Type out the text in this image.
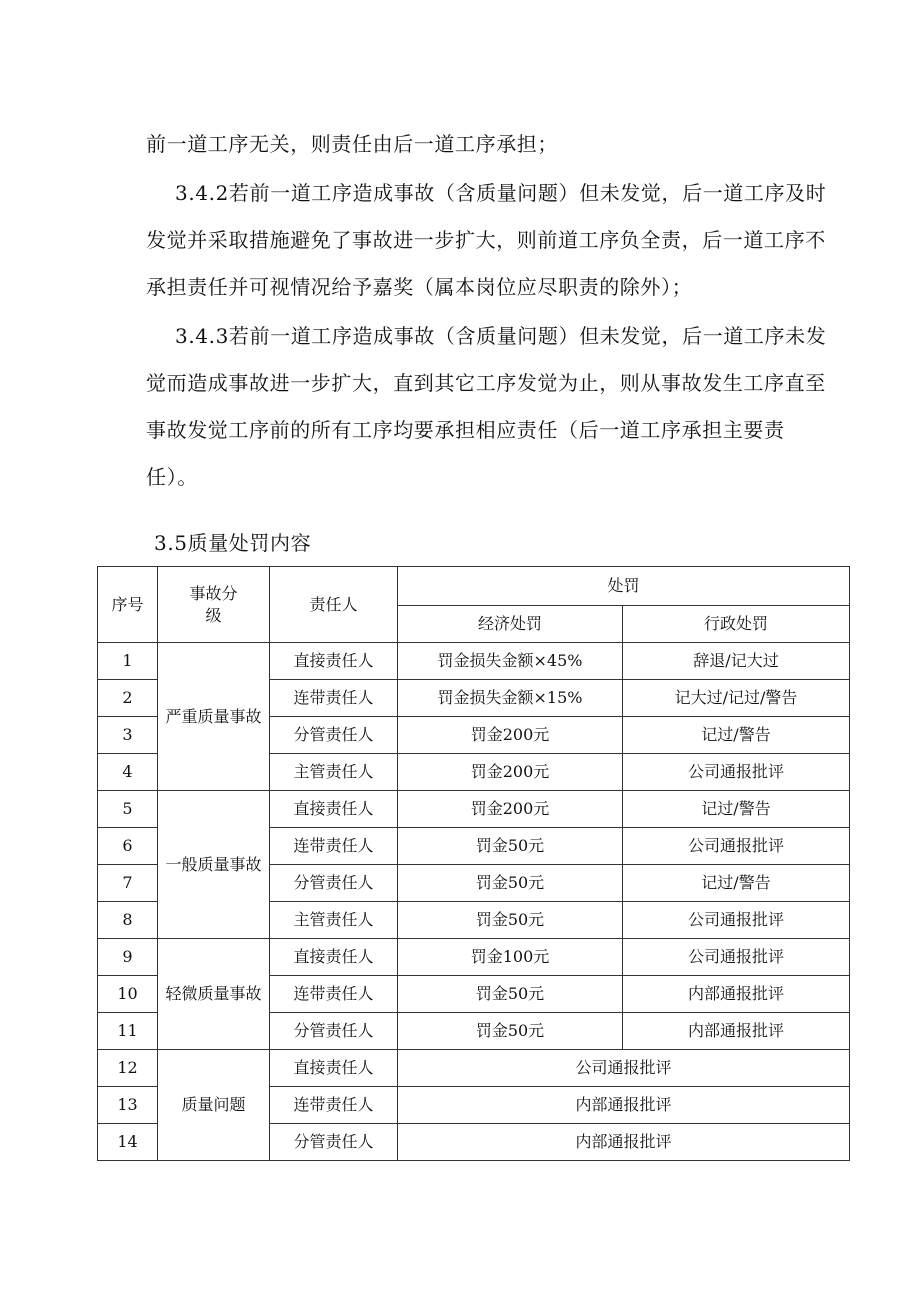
前一道工序无关，则责任由后一道工序承担；
3.4.2若前一道工序造成事故（含质量问题）但未发觉，后一道工序及时发觉并采取措施避免了事故进一步扩大，则前道工序负全责，后一道工序不承担责任并可视情况给予嘉奖（属本岗位应尽职责的除外）；
3.4.3若前一道工序造成事故（含质量问题）但未发觉，后一道工序未发觉而造成事故进一步扩大，直到其它工序发觉为止，则从事故发生工序直至事故发觉工序前的所有工序均要承担相应责任（后一道工序承担主要责任）。
3.5质量处罚内容
序号	事故分级	责任人	处罚	
			经济处罚	行政处罚
1	严重质量事故	直接责任人	罚金损失金额×45%	辞退/记大过
2		连带责任人	罚金损失金额×15%	记大过/记过/警告
3		分管责任人	罚金200元	记过/警告
4		主管责任人	罚金200元	公司通报批评
5	一般质量事故	直接责任人	罚金200元	记过/警告
6		连带责任人	罚金50元	公司通报批评
7		分管责任人	罚金50元	记过/警告
8		主管责任人	罚金50元	公司通报批评
9	轻微质量事故	直接责任人	罚金100元	公司通报批评
10		连带责任人	罚金50元	内部通报批评
11		分管责任人	罚金50元	内部通报批评
12	质量问题	直接责任人	公司通报批评	
13		连带责任人	内部通报批评	
14		分管责任人	内部通报批评	
